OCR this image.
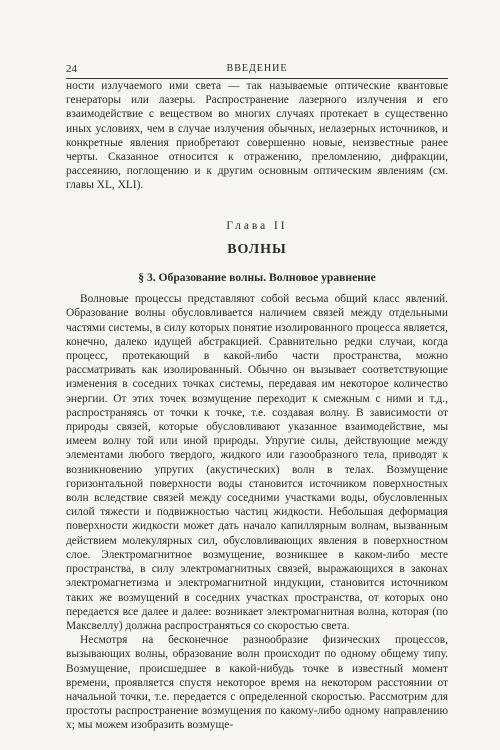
24	ВВЕДЕНИЕ

ности излучаемого ими света — так называемые оптические квантовые генераторы или лазеры. Распространение лазерного излучения и его взаимодействие с веществом во многих случаях протекает в существенно иных условиях, чем в случае излучения обычных, нелазерных источников, и конкретные явления приобретают совершенно новые, неизвестные ранее черты. Сказанное относится к отражению, преломлению, дифракции, рассеянию, поглощению и к другим основным оптическим явлениям (см. главы XL, XLI).

Глава II
ВОЛНЫ
§ 3. Образование волны. Волновое уравнение

Волновые процессы представляют собой весьма общий класс явлений. Образование волны обусловливается наличием связей между отдельными частями системы, в силу которых понятие изолированного процесса является, конечно, далеко идущей абстракцией. Сравнительно редки случаи, когда процесс, протекающий в какой-либо части пространства, можно рассматривать как изолированный. Обычно он вызывает соответствующие изменения в соседних точках системы, передавая им некоторое количество энергии. От этих точек возмущение переходит к смежным с ними и т.д., распространяясь от точки к точке, т.е. создавая волну. В зависимости от природы связей, которые обусловливают указанное взаимодействие, мы имеем волну той или иной природы. Упругие силы, действующие между элементами любого твердого, жидкого или газообразного тела, приводят к возникновению упругих (акустических) волн в телах. Возмущение горизонтальной поверхности воды становится источником поверхностных волн вследствие связей между соседними участками воды, обусловленных силой тяжести и подвижностью частиц жидкости. Небольшая деформация поверхности жидкости может дать начало капиллярным волнам, вызванным действием молекулярных сил, обусловливающих явления в поверхностном слое. Электромагнитное возмущение, возникшее в каком-либо месте пространства, в силу электромагнитных связей, выражающихся в законах электромагнетизма и электромагнитной индукции, становится источником таких же возмущений в соседних участках пространства, от которых оно передается все далее и далее: возникает электромагнитная волна, которая (по Максвеллу) должна распространяться со скоростью света.

Несмотря на бесконечное разнообразие физических процессов, вызывающих волны, образование волн происходит по одному общему типу. Возмущение, происшедшее в какой-нибудь точке в известный момент времени, проявляется спустя некоторое время на некотором расстоянии от начальной точки, т.е. передается с определенной скоростью. Рассмотрим для простоты распространение возмущения по какому-либо одному направлению x; мы можем изобразить возмуще-
